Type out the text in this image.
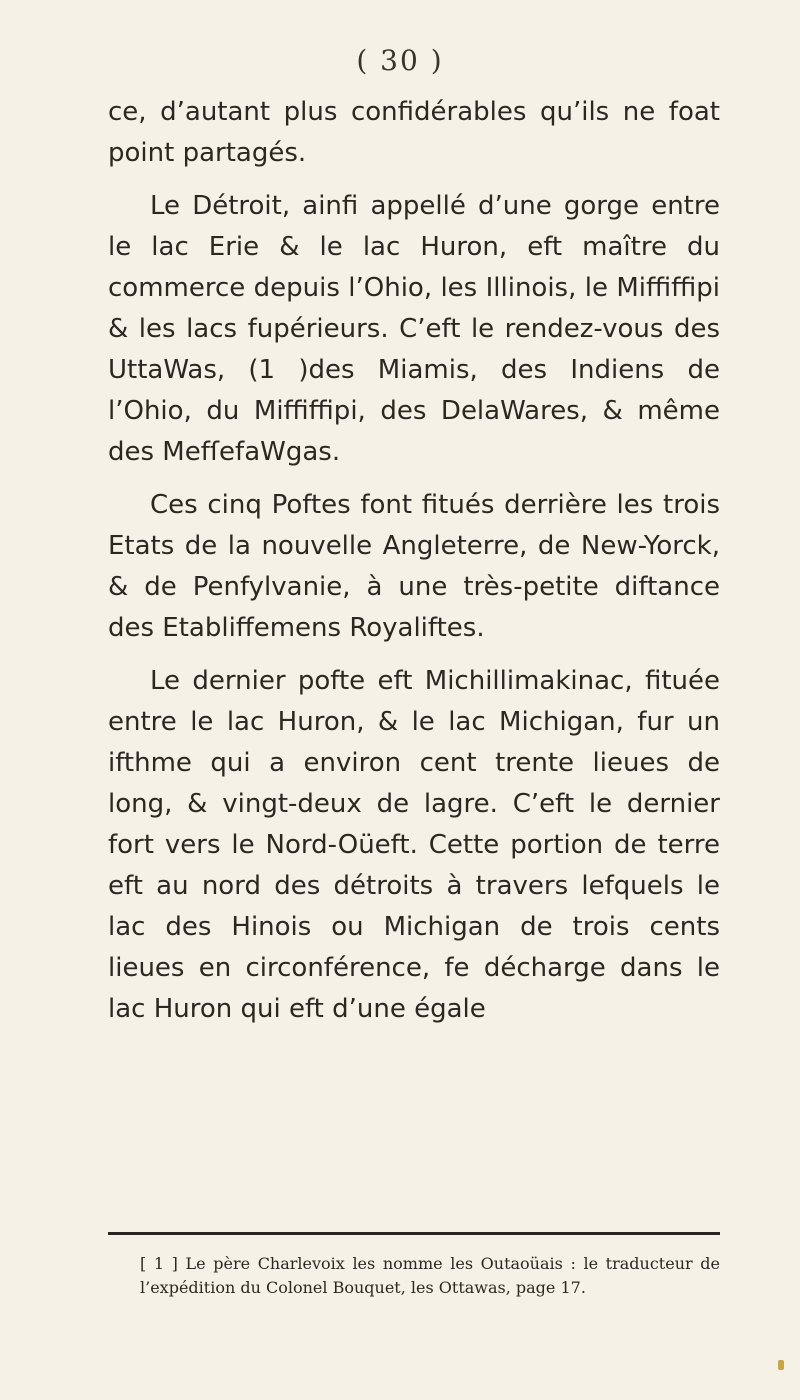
( 30 )

ce, d’autant plus confidérables qu’ils ne foat point partagés.

Le Détroit, ainfi appellé d’une gorge entre le lac Erie & le lac Huron, eft maître du commerce depuis l’Ohio, les Illinois, le Miffiffipi & les lacs fupérieurs. C’eft le rendez-vous des UttaWas, (1 )des Miamis, des Indiens de l’Ohio, du Miffiffipi, des DelaWares, & même des MefſefaWgas.

Ces cinq Poftes font fitués derrière les trois Etats de la nouvelle Angleterre, de New-Yorck, & de Penfylvanie, à une très-petite diftance des Etabliffemens Royaliftes.

Le dernier pofte eft Michillimakinac, fituée entre le lac Huron, & le lac Michigan, fur un ifthme qui a environ cent trente lieues de long, & vingt-deux de lagre. C’eft le dernier fort vers le Nord-Oüeft. Cette portion de terre eft au nord des détroits à travers lefquels le lac des Hinois ou Michigan de trois cents lieues en circonférence, fe décharge dans le lac Huron qui eft d’une égale

[ 1 ] Le père Charlevoix les nomme les Outaoüais : le traducteur de l’expédition du Colonel Bouquet, les Ottawas, page 17.
